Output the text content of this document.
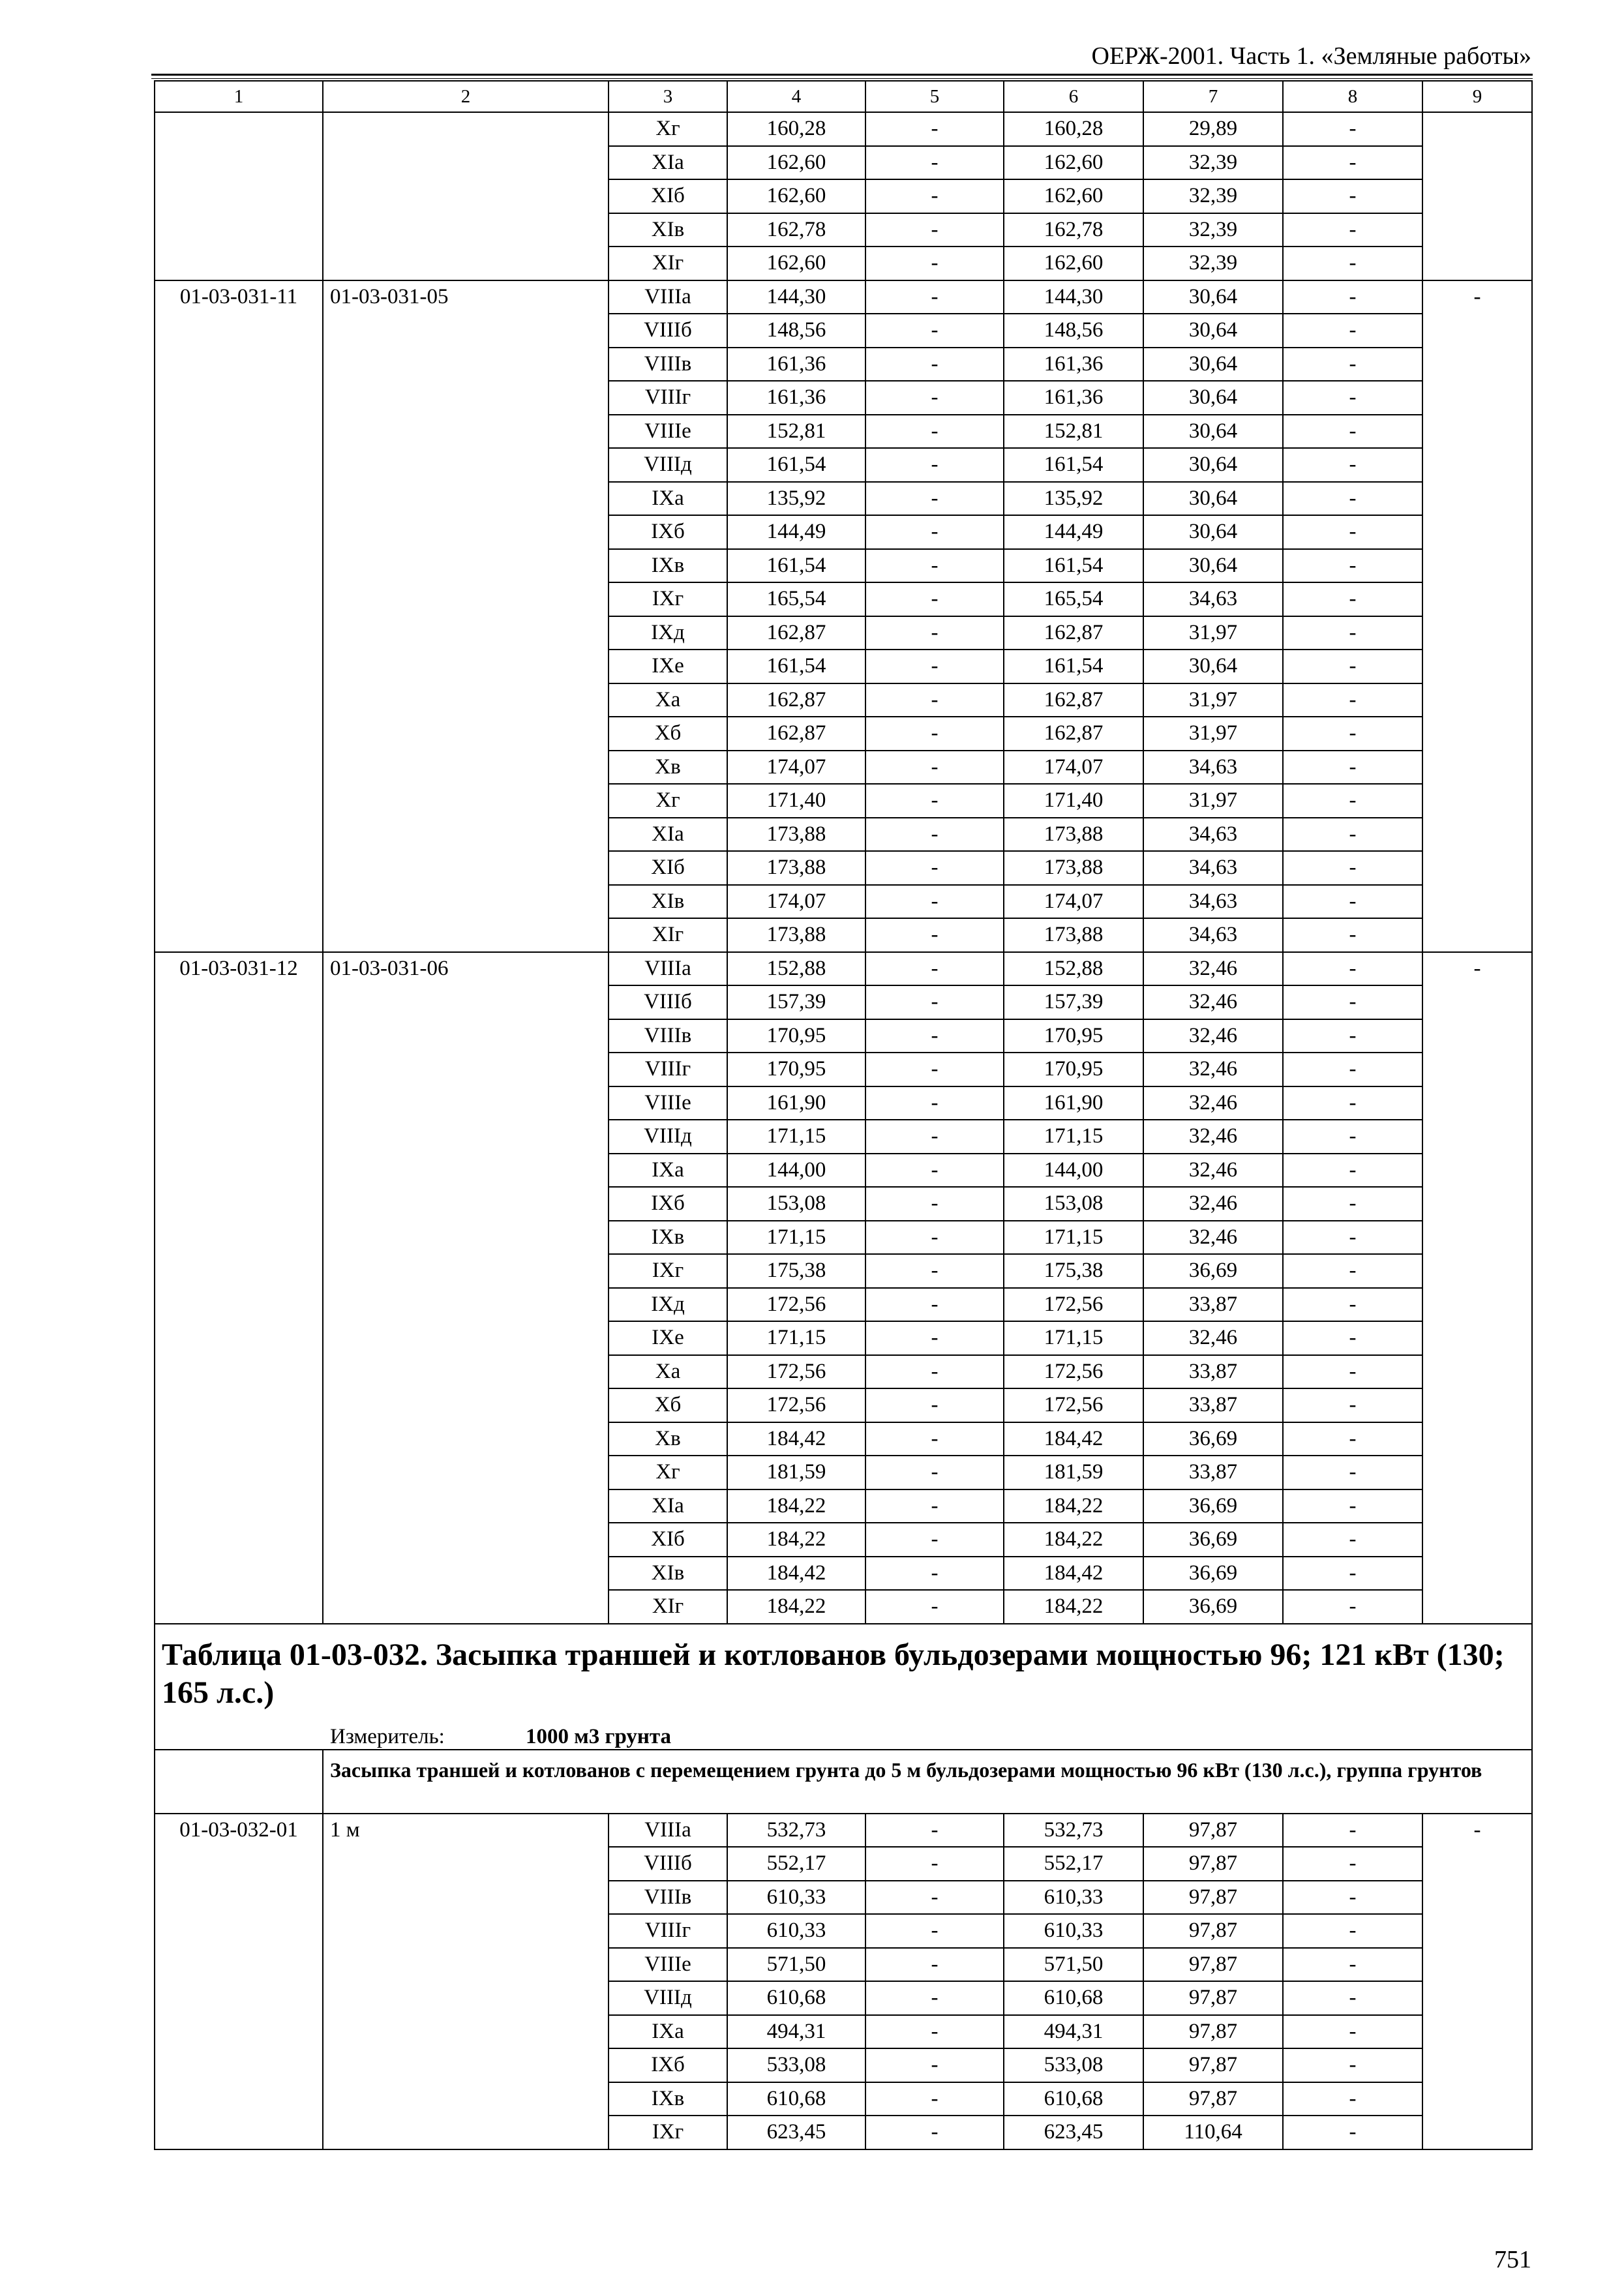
ОЕРЖ-2001. Часть 1. «Земляные работы»
1	2	3	4	5	6	7	8	9
		Xг	160,28	-	160,28	29,89	-	
		XIa	162,60	-	162,60	32,39	-	
		XIб	162,60	-	162,60	32,39	-	
		XIв	162,78	-	162,78	32,39	-	
		XIг	162,60	-	162,60	32,39	-	
01-03-031-11	01-03-031-05	VIIIa	144,30	-	144,30	30,64	-	-
		VIIIб	148,56	-	148,56	30,64	-	
		VIIIв	161,36	-	161,36	30,64	-	
		VIIIг	161,36	-	161,36	30,64	-	
		VIIIе	152,81	-	152,81	30,64	-	
		VIIIд	161,54	-	161,54	30,64	-	
		IXa	135,92	-	135,92	30,64	-	
		IXб	144,49	-	144,49	30,64	-	
		IXв	161,54	-	161,54	30,64	-	
		IXг	165,54	-	165,54	34,63	-	
		IXд	162,87	-	162,87	31,97	-	
		IXе	161,54	-	161,54	30,64	-	
		Xa	162,87	-	162,87	31,97	-	
		Xб	162,87	-	162,87	31,97	-	
		Xв	174,07	-	174,07	34,63	-	
		Xг	171,40	-	171,40	31,97	-	
		XIa	173,88	-	173,88	34,63	-	
		XIб	173,88	-	173,88	34,63	-	
		XIв	174,07	-	174,07	34,63	-	
		XIг	173,88	-	173,88	34,63	-	
01-03-031-12	01-03-031-06	VIIIa	152,88	-	152,88	32,46	-	-
		VIIIб	157,39	-	157,39	32,46	-	
		VIIIв	170,95	-	170,95	32,46	-	
		VIIIг	170,95	-	170,95	32,46	-	
		VIIIе	161,90	-	161,90	32,46	-	
		VIIIд	171,15	-	171,15	32,46	-	
		IXa	144,00	-	144,00	32,46	-	
		IXб	153,08	-	153,08	32,46	-	
		IXв	171,15	-	171,15	32,46	-	
		IXг	175,38	-	175,38	36,69	-	
		IXд	172,56	-	172,56	33,87	-	
		IXе	171,15	-	171,15	32,46	-	
		Xa	172,56	-	172,56	33,87	-	
		Xб	172,56	-	172,56	33,87	-	
		Xв	184,42	-	184,42	36,69	-	
		Xг	181,59	-	181,59	33,87	-	
		XIa	184,22	-	184,22	36,69	-	
		XIб	184,22	-	184,22	36,69	-	
		XIв	184,42	-	184,42	36,69	-	
		XIг	184,22	-	184,22	36,69	-	

Таблица 01-03-032. Засыпка траншей и котлованов бульдозерами мощностью 96; 121 кВт (130; 165 л.с.)
Измеритель: 1000 м3 грунта								

	Засыпка траншей и котлованов с перемещением грунта до 5 м бульдозерами мощностью 96 кВт (130 л.с.), группа грунтов							
01-03-032-01	1 м	VIIIa	532,73	-	532,73	97,87	-	-
		VIIIб	552,17	-	552,17	97,87	-	
		VIIIв	610,33	-	610,33	97,87	-	
		VIIIг	610,33	-	610,33	97,87	-	
		VIIIе	571,50	-	571,50	97,87	-	
		VIIIд	610,68	-	610,68	97,87	-	
		IXa	494,31	-	494,31	97,87	-	
		IXб	533,08	-	533,08	97,87	-	
		IXв	610,68	-	610,68	97,87	-	
		IXг	623,45	-	623,45	110,64	-	
751
